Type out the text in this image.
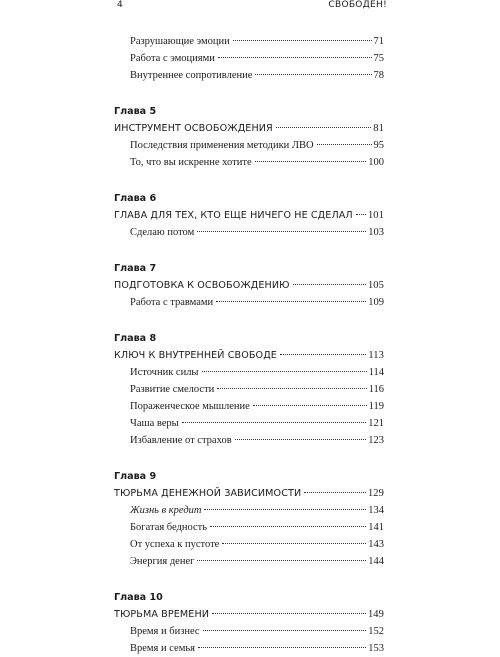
4	СВОБОДЕН!
Разрушающие эмоции	71
Работа с эмоциями	75
Внутреннее сопротивление	78
Глава 5
ИНСТРУМЕНТ ОСВОБОЖДЕНИЯ	81
Последствия применения методики ЛВО	95
То, что вы искренне хотите	100
Глава 6
ГЛАВА ДЛЯ ТЕХ, КТО ЕЩЕ НИЧЕГО НЕ СДЕЛАЛ 101
Сделаю потом	103
Глава 7
ПОДГОТОВКА К ОСВОБОЖДЕНИЮ	105
Работа с травмами	109
Глава 8
КЛЮЧ К ВНУТРЕННЕЙ СВОБОДЕ	113
Источник силы	114
Развитие смелости	116
Пораженческое мышление	119
Чаша веры	121
Избавление от страхов	123
Глава 9
ТЮРЬМА ДЕНЕЖНОЙ ЗАВИСИМОСТИ	129
Жизнь в кредит	134
Богатая бедность	141
От успеха к пустоте	143
Энергия денег	144
Глава 10
ТЮРЬМА ВРЕМЕНИ	149
Время и бизнес	152
Время и семья	153
